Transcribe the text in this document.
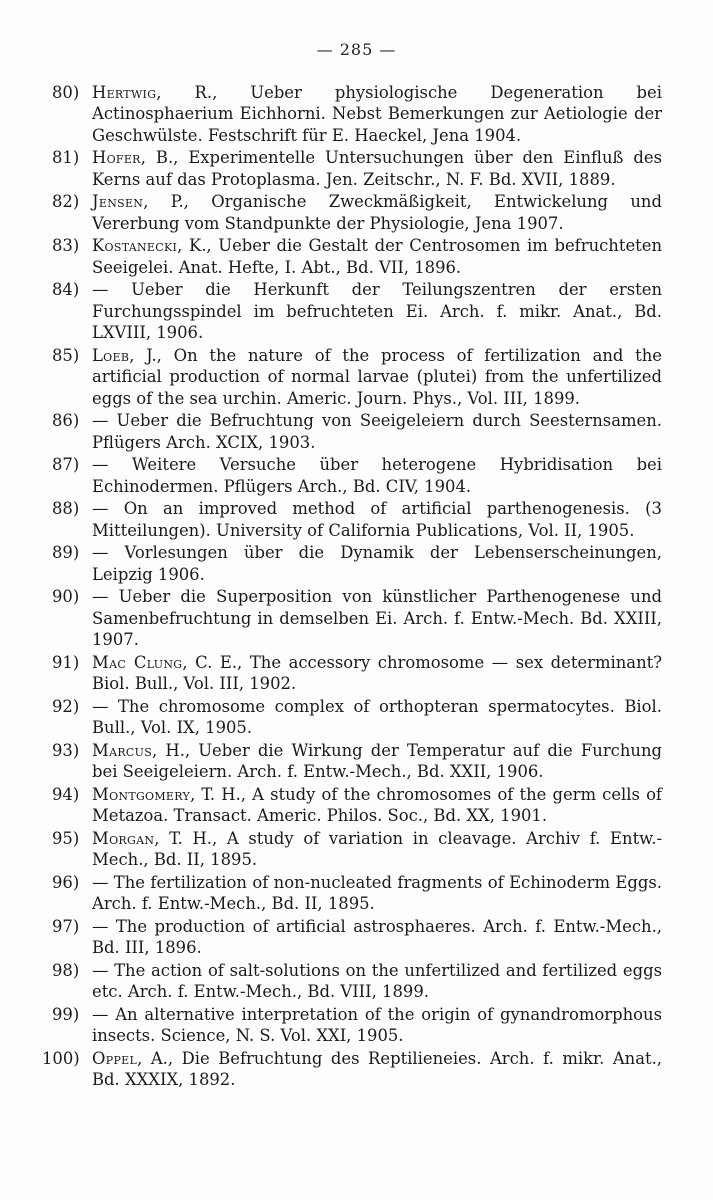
— 285 —
80) Hertwig, R., Ueber physiologische Degeneration bei Actinosphaerium Eichhorni. Nebst Bemerkungen zur Aetiologie der Geschwülste. Festschrift für E. Haeckel, Jena 1904.
81) Hofer, B., Experimentelle Untersuchungen über den Einfluß des Kerns auf das Protoplasma. Jen. Zeitschr., N. F. Bd. XVII, 1889.
82) Jensen, P., Organische Zweckmäßigkeit, Entwickelung und Vererbung vom Standpunkte der Physiologie, Jena 1907.
83) Kostanecki, K., Ueber die Gestalt der Centrosomen im befruchteten Seeigelei. Anat. Hefte, I. Abt., Bd. VII, 1896.
84) — Ueber die Herkunft der Teilungszentren der ersten Furchungsspindel im befruchteten Ei. Arch. f. mikr. Anat., Bd. LXVIII, 1906.
85) Loeb, J., On the nature of the process of fertilization and the artificial production of normal larvae (plutei) from the unfertilized eggs of the sea urchin. Americ. Journ. Phys., Vol. III, 1899.
86) — Ueber die Befruchtung von Seeigeleiern durch Seesternsamen. Pflügers Arch. XCIX, 1903.
87) — Weitere Versuche über heterogene Hybridisation bei Echinodermen. Pflügers Arch., Bd. CIV, 1904.
88) — On an improved method of artificial parthenogenesis. (3 Mitteilungen). University of California Publications, Vol. II, 1905.
89) — Vorlesungen über die Dynamik der Lebenserscheinungen, Leipzig 1906.
90) — Ueber die Superposition von künstlicher Parthenogenese und Samenbefruchtung in demselben Ei. Arch. f. Entw.-Mech. Bd. XXIII, 1907.
91) Mac Clung, C. E., The accessory chromosome — sex determinant? Biol. Bull., Vol. III, 1902.
92) — The chromosome complex of orthopteran spermatocytes. Biol. Bull., Vol. IX, 1905.
93) Marcus, H., Ueber die Wirkung der Temperatur auf die Furchung bei Seeigeleiern. Arch. f. Entw.-Mech., Bd. XXII, 1906.
94) Montgomery, T. H., A study of the chromosomes of the germ cells of Metazoa. Transact. Americ. Philos. Soc., Bd. XX, 1901.
95) Morgan, T. H., A study of variation in cleavage. Archiv f. Entw.-Mech., Bd. II, 1895.
96) — The fertilization of non-nucleated fragments of Echinoderm Eggs. Arch. f. Entw.-Mech., Bd. II, 1895.
97) — The production of artificial astrosphaeres. Arch. f. Entw.-Mech., Bd. III, 1896.
98) — The action of salt-solutions on the unfertilized and fertilized eggs etc. Arch. f. Entw.-Mech., Bd. VIII, 1899.
99) — An alternative interpretation of the origin of gynandromorphous insects. Science, N. S. Vol. XXI, 1905.
100) Oppel, A., Die Befruchtung des Reptilieneies. Arch. f. mikr. Anat., Bd. XXXIX, 1892.
